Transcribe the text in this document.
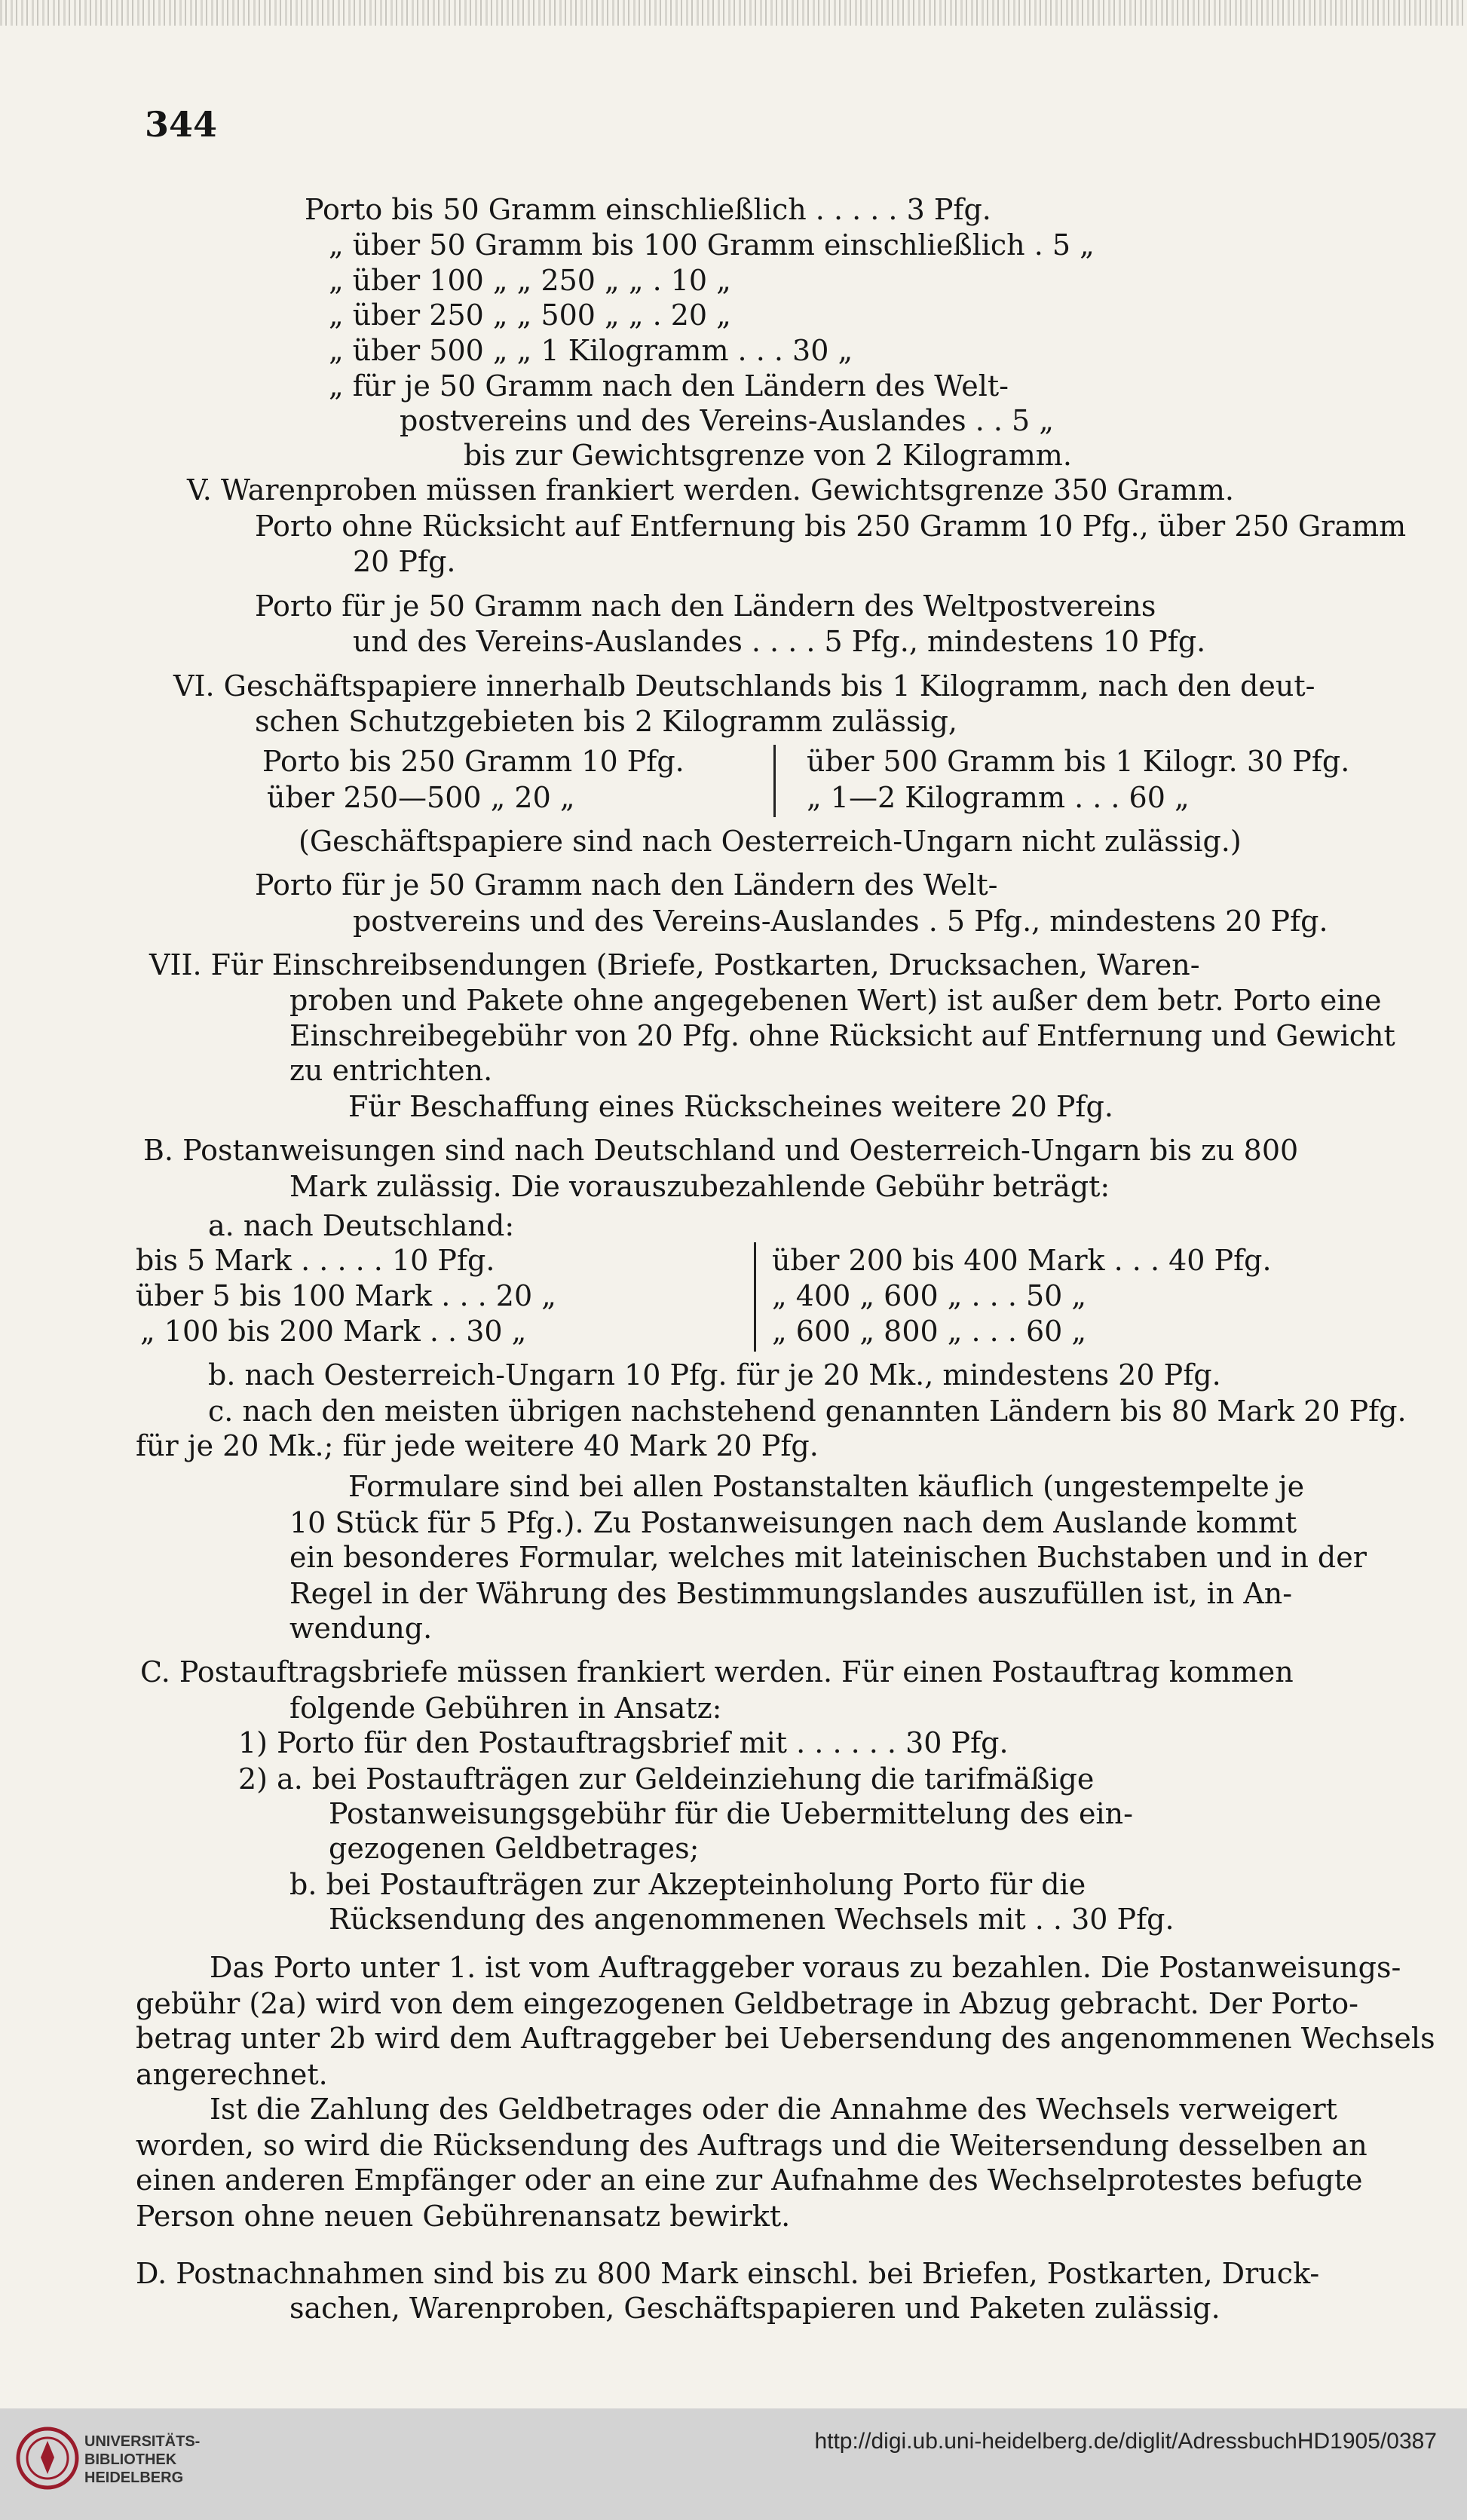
344
Porto bis 50 Gramm einschließlich . . . . . 3 Pfg.
„ über 50 Gramm bis 100 Gramm einschließlich . 5 „
„ über 100 „ „ 250 „ „ . 10 „
„ über 250 „ „ 500 „ „ . 20 „
„ über 500 „ „ 1 Kilogramm . . . 30 „
„ für je 50 Gramm nach den Ländern des Welt-
postvereins und des Vereins-Auslandes . . 5 „
bis zur Gewichtsgrenze von 2 Kilogramm.
V. Warenproben müssen frankiert werden. Gewichtsgrenze 350 Gramm.
Porto ohne Rücksicht auf Entfernung bis 250 Gramm 10 Pfg., über 250 Gramm
20 Pfg.
Porto für je 50 Gramm nach den Ländern des Weltpostvereins
und des Vereins-Auslandes . . . . 5 Pfg., mindestens 10 Pfg.
VI. Geschäftspapiere innerhalb Deutschlands bis 1 Kilogramm, nach den deut-
schen Schutzgebieten bis 2 Kilogramm zulässig,
Porto bis 250 Gramm 10 Pfg.	über 500 Gramm bis 1 Kilogr. 30 Pfg.
über 250—500 „ 20 „	„ 1—2 Kilogramm . . . 60 „
(Geschäftspapiere sind nach Oesterreich-Ungarn nicht zulässig.)
Porto für je 50 Gramm nach den Ländern des Welt-
postvereins und des Vereins-Auslandes . 5 Pfg., mindestens 20 Pfg.
VII. Für Einschreibsendungen (Briefe, Postkarten, Drucksachen, Waren-
proben und Pakete ohne angegebenen Wert) ist außer dem betr. Porto eine
Einschreibegebühr von 20 Pfg. ohne Rücksicht auf Entfernung und Gewicht
zu entrichten.
Für Beschaffung eines Rückscheines weitere 20 Pfg.
B. Postanweisungen sind nach Deutschland und Oesterreich-Ungarn bis zu 800
Mark zulässig. Die vorauszubezahlende Gebühr beträgt:
a. nach Deutschland:
bis 5 Mark . . . . . 10 Pfg.	über 200 bis 400 Mark . . . 40 Pfg.
über 5 bis 100 Mark . . . 20 „	„ 400 „ 600 „ . . . 50 „
„ 100 bis 200 Mark . . 30 „	„ 600 „ 800 „ . . . 60 „
b. nach Oesterreich-Ungarn 10 Pfg. für je 20 Mk., mindestens 20 Pfg.
c. nach den meisten übrigen nachstehend genannten Ländern bis 80 Mark 20 Pfg.
für je 20 Mk.; für jede weitere 40 Mark 20 Pfg.
Formulare sind bei allen Postanstalten käuflich (ungestempelte je
10 Stück für 5 Pfg.). Zu Postanweisungen nach dem Auslande kommt
ein besonderes Formular, welches mit lateinischen Buchstaben und in der
Regel in der Währung des Bestimmungslandes auszufüllen ist, in An-
wendung.
C. Postauftragsbriefe müssen frankiert werden. Für einen Postauftrag kommen
folgende Gebühren in Ansatz:
1) Porto für den Postauftragsbrief mit . . . . . . 30 Pfg.
2) a. bei Postaufträgen zur Geldeinziehung die tarifmäßige
Postanweisungsgebühr für die Uebermittelung des ein-
gezogenen Geldbetrages;
b. bei Postaufträgen zur Akzepteinholung Porto für die
Rücksendung des angenommenen Wechsels mit . . 30 Pfg.
Das Porto unter 1. ist vom Auftraggeber voraus zu bezahlen. Die Postanweisungs-
gebühr (2a) wird von dem eingezogenen Geldbetrage in Abzug gebracht. Der Porto-
betrag unter 2b wird dem Auftraggeber bei Uebersendung des angenommenen Wechsels
angerechnet.
Ist die Zahlung des Geldbetrages oder die Annahme des Wechsels verweigert
worden, so wird die Rücksendung des Auftrags und die Weitersendung desselben an
einen anderen Empfänger oder an eine zur Aufnahme des Wechselprotestes befugte
Person ohne neuen Gebührenansatz bewirkt.
D. Postnachnahmen sind bis zu 800 Mark einschl. bei Briefen, Postkarten, Druck-
sachen, Warenproben, Geschäftspapieren und Paketen zulässig.
UNIVERSITÄTS-
BIBLIOTHEK
HEIDELBERG
http://digi.ub.uni-heidelberg.de/diglit/AdressbuchHD1905/0387
